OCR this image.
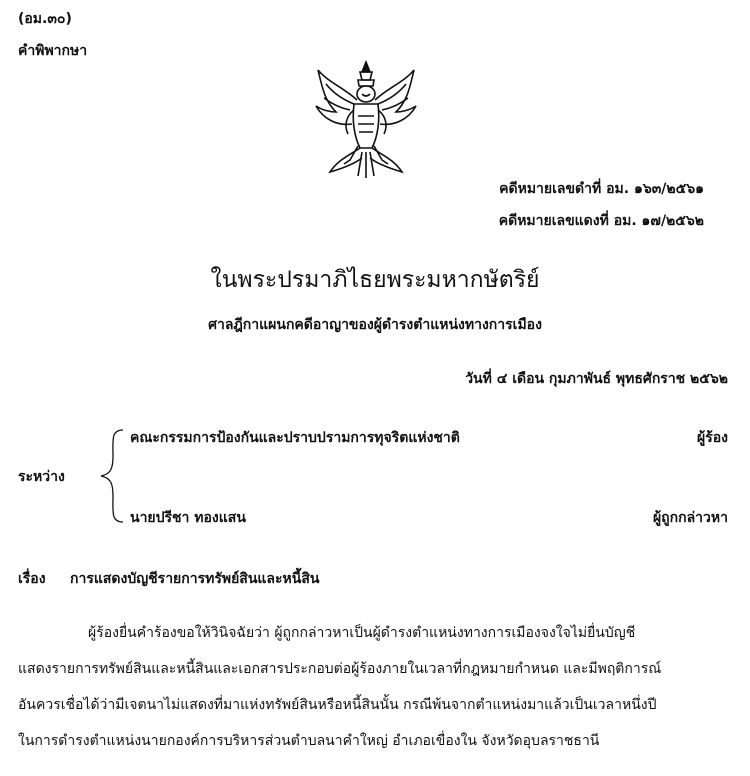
(อม.๓๐)
คำพิพากษา
คดีหมายเลขดำที่ อม. ๑๖๓/๒๕๖๑
คดีหมายเลขแดงที่ อม. ๑๗/๒๕๖๒
ในพระปรมาภิไธยพระมหากษัตริย์
ศาลฎีกาแผนกคดีอาญาของผู้ดำรงตำแหน่งทางการเมือง
วันที่ ๔ เดือน กุมภาพันธ์ พุทธศักราช ๒๕๖๒
คณะกรรมการป้องกันและปราบปรามการทุจริตแห่งชาติ	ผู้ร้อง
ระหว่าง
นายปรีชา ทองแสน	ผู้ถูกกล่าวหา
เรื่อง การแสดงบัญชีรายการทรัพย์สินและหนี้สิน
ผู้ร้องยื่นคำร้องขอให้วินิจฉัยว่า ผู้ถูกกล่าวหาเป็นผู้ดำรงตำแหน่งทางการเมืองจงใจไม่ยื่นบัญชี
แสดงรายการทรัพย์สินและหนี้สินและเอกสารประกอบต่อผู้ร้องภายในเวลาที่กฎหมายกำหนด และมีพฤติการณ์
อันควรเชื่อได้ว่ามีเจตนาไม่แสดงที่มาแห่งทรัพย์สินหรือหนี้สินนั้น กรณีพ้นจากตำแหน่งมาแล้วเป็นเวลาหนึ่งปี
ในการดำรงตำแหน่งนายกองค์การบริหารส่วนตำบลนาคำใหญ่ อำเภอเขื่องใน จังหวัดอุบลราชธานี
